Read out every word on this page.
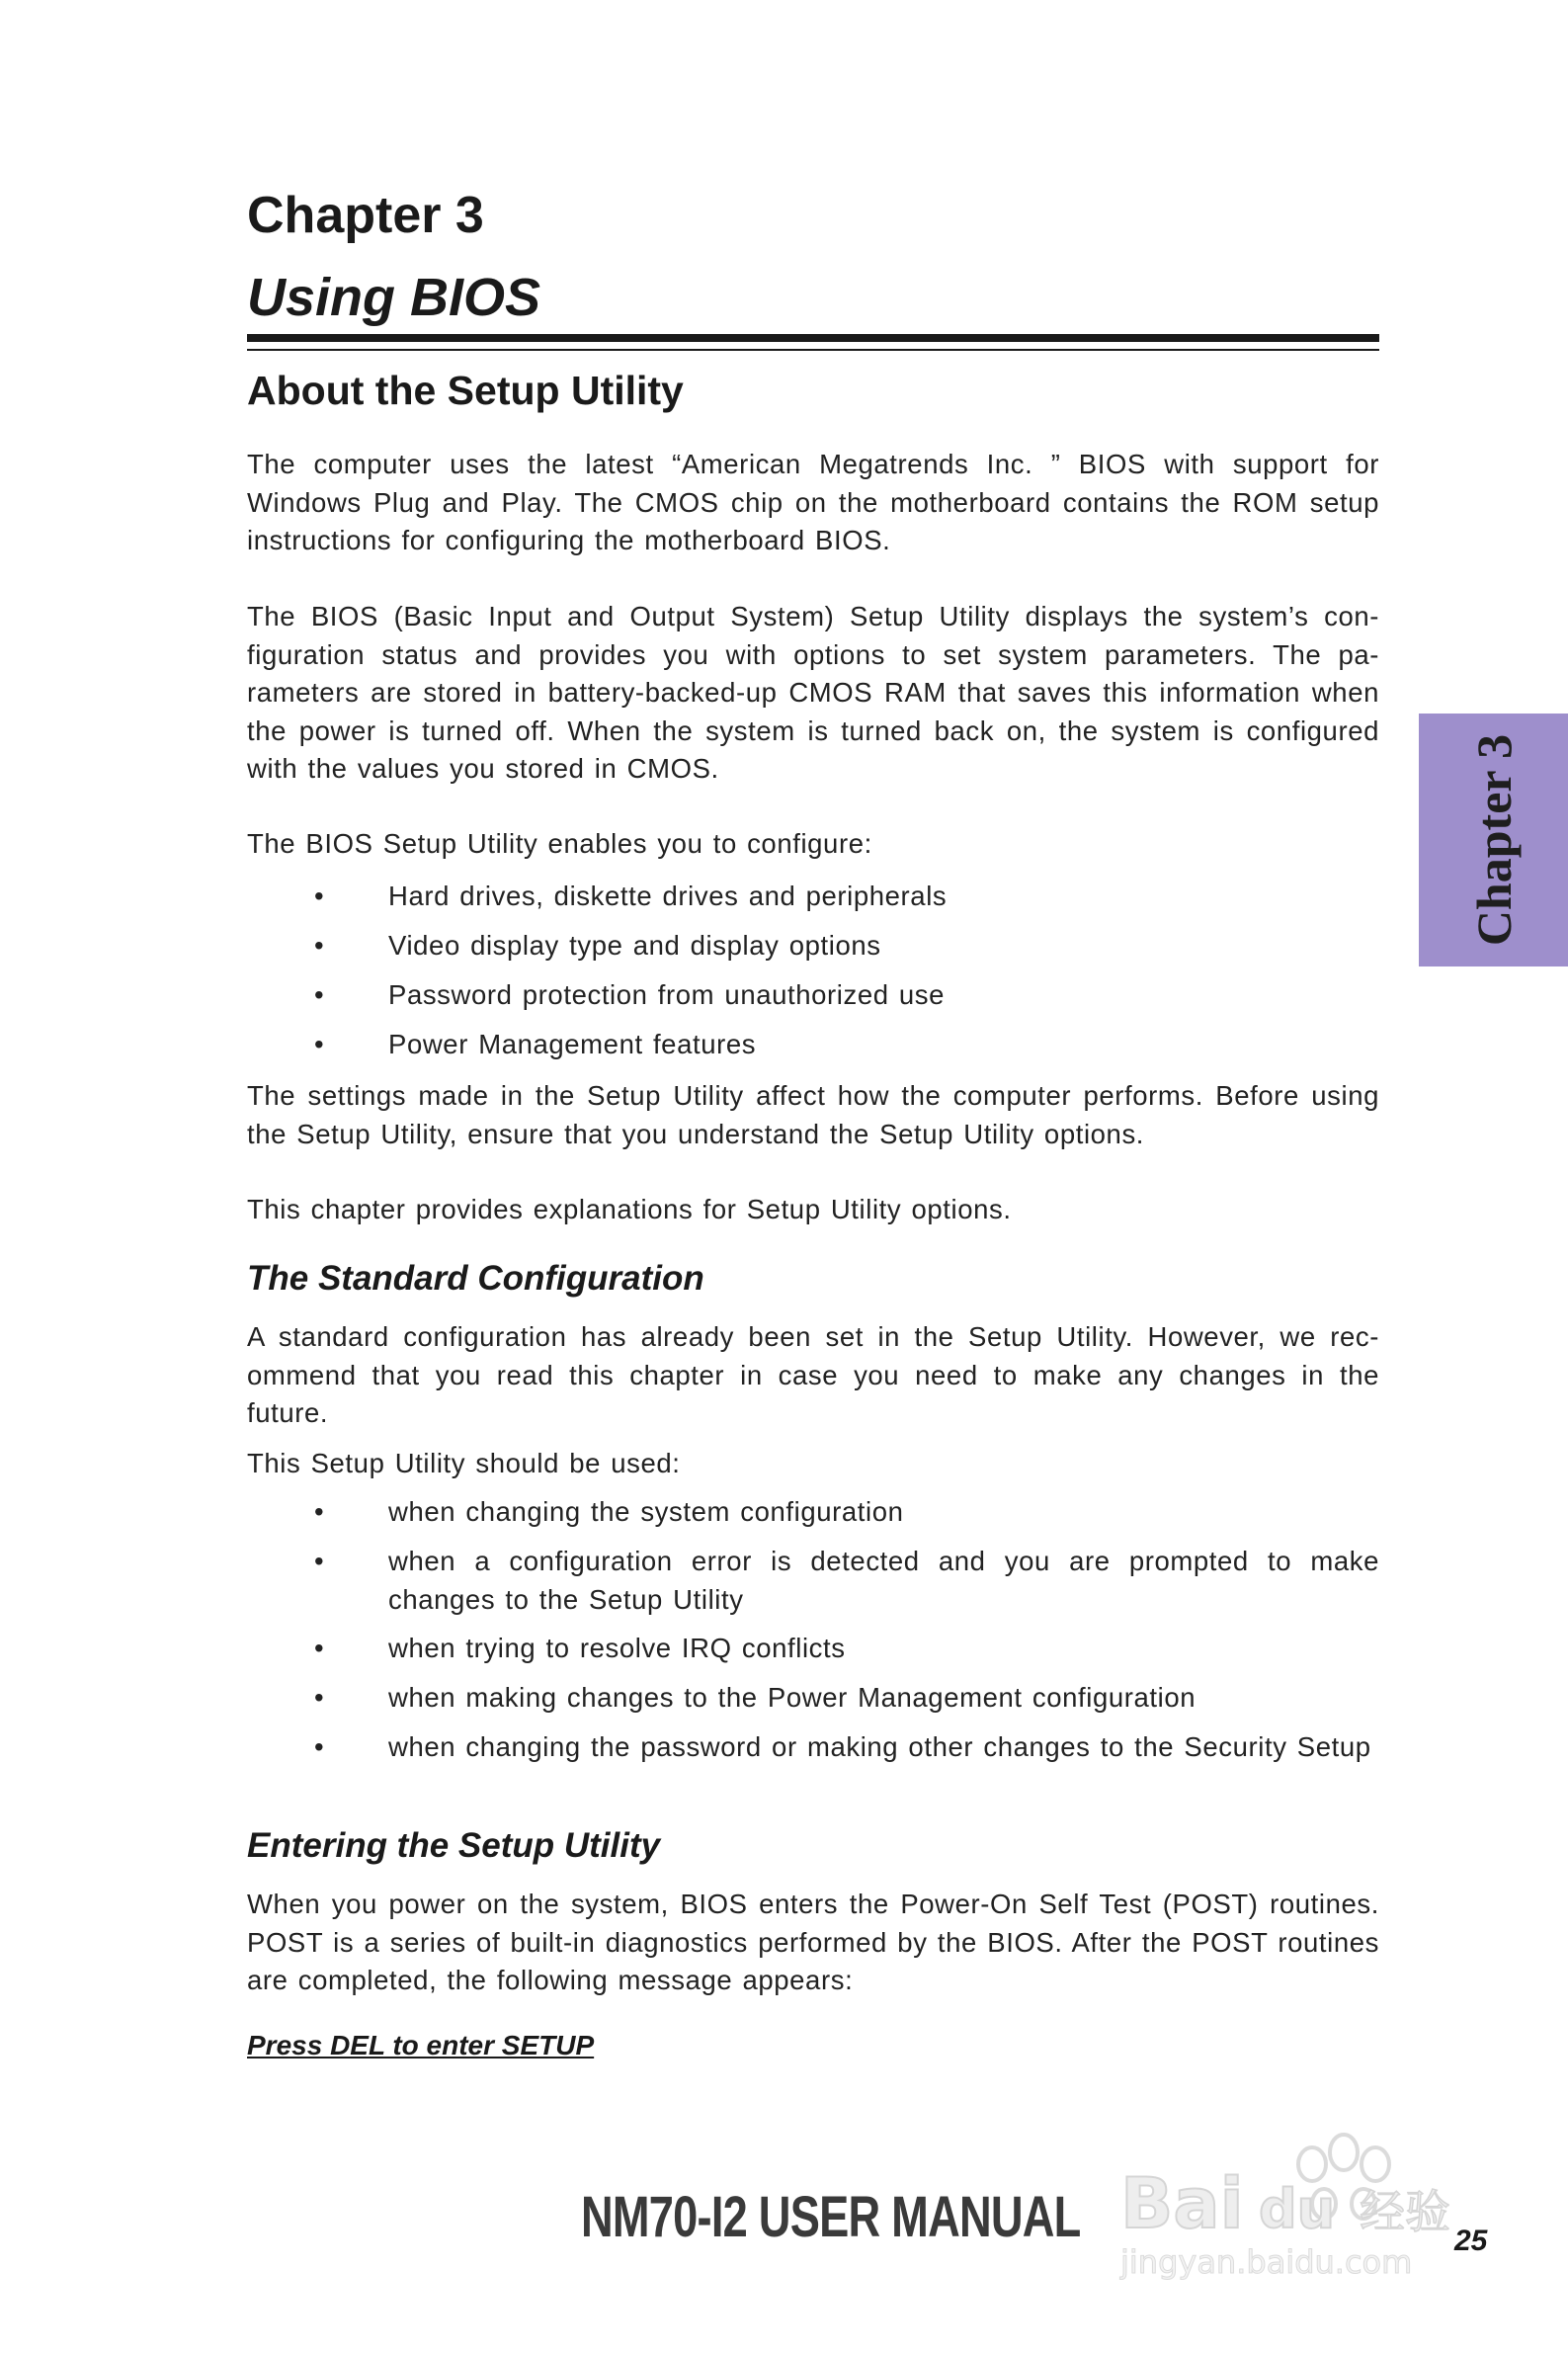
Chapter 3
Using BIOS
About the Setup Utility

The computer uses the latest “American Megatrends Inc. ” BIOS with support for Windows Plug and Play. The CMOS chip on the motherboard contains the ROM setup instructions for configuring the motherboard BIOS.

The BIOS (Basic Input and Output System) Setup Utility displays the system’s con- figuration status and provides you with options to set system parameters. The pa- rameters are stored in battery-backed-up CMOS RAM that saves this information when the power is turned off. When the system is turned back on, the system is configured with the values you stored in CMOS.

The BIOS Setup Utility enables you to configure:

• Hard drives, diskette drives and peripherals
• Video display type and display options
• Password protection from unauthorized use
• Power Management features

The settings made in the Setup Utility affect how the computer performs. Before using the Setup Utility, ensure that you understand the Setup Utility options.

This chapter provides explanations for Setup Utility options.

The Standard Configuration

A standard configuration has already been set in the Setup Utility. However, we rec- ommend that you read this chapter in case you need to make any changes in the future.

This Setup Utility should be used:

• when changing the system configuration
• when a configuration error is detected and you are prompted to make changes to the Setup Utility
• when trying to resolve IRQ conflicts
• when making changes to the Power Management configuration
• when changing the password or making other changes to the Security Setup
Entering the Setup Utility

When you power on the system, BIOS enters the Power-On Self Test (POST) routines. POST is a series of built-in diagnostics performed by the BIOS. After the POST routines are completed, the following message appears:

Press DEL to enter SETUP

Chapter 3
Bai du 经验
jingyan.baidu.com
NM70-I2 USER MANUAL	25
